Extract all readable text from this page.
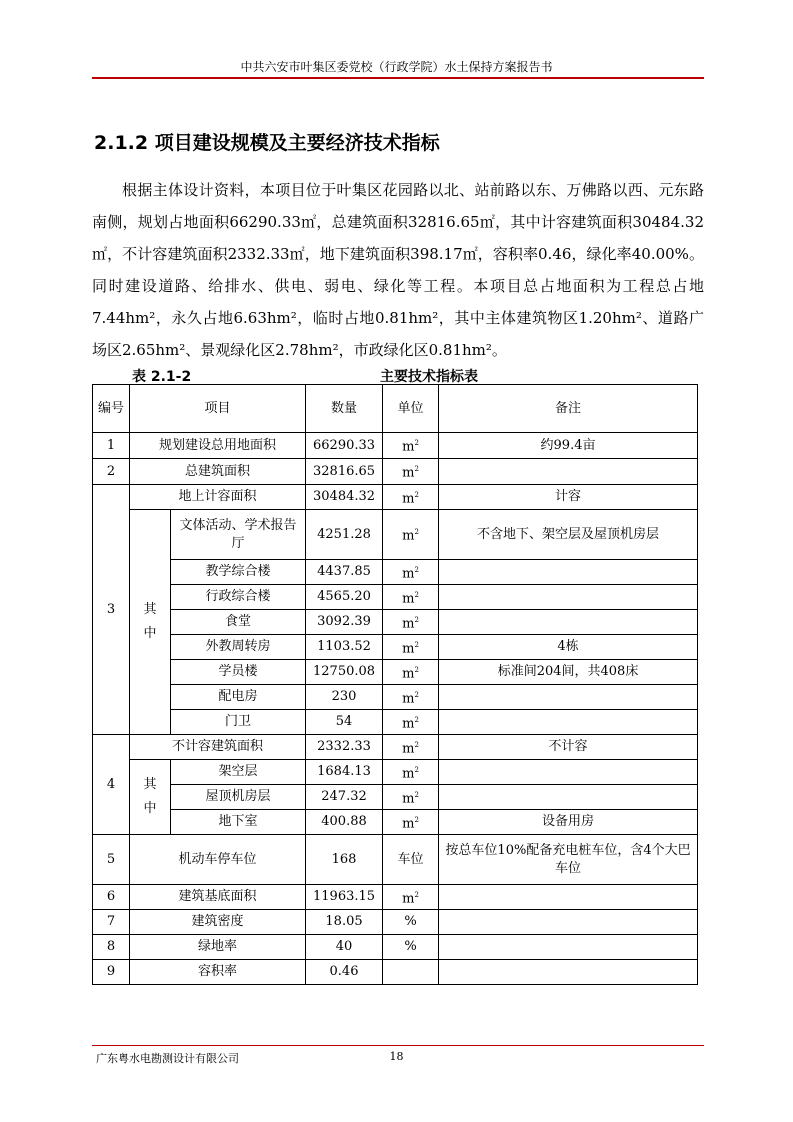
中共六安市叶集区委党校（行政学院）水土保持方案报告书
2.1.2 项目建设规模及主要经济技术指标
根据主体设计资料，本项目位于叶集区花园路以北、站前路以东、万佛路以西、元东路南侧，规划占地面积66290.33㎡，总建筑面积32816.65㎡，其中计容建筑面积30484.32㎡，不计容建筑面积2332.33㎡，地下建筑面积398.17㎡，容积率0.46，绿化率40.00%。同时建设道路、给排水、供电、弱电、绿化等工程。本项目总占地面积为工程总占地7.44hm²，永久占地6.63hm²，临时占地0.81hm²，其中主体建筑物区1.20hm²、道路广场区2.65hm²、景观绿化区2.78hm²，市政绿化区0.81hm²。
表 2.1-2	主要技术指标表
编号	项目		数量	单位	备注
1	规划建设总用地面积		66290.33	$m^2$	约99.4亩
2	总建筑面积		32816.65	$m^2$	
3	地上计容面积		30484.32	$m^2$	计容

	其中	文体活动、学术报告厅	4251.28	$m^2$	不含地下、架空层及屋顶机房层
		教学综合楼	4437.85	$m^2$	
		行政综合楼	4565.20	$m^2$	
		食堂	3092.39	$m^2$	
		外教周转房	1103.52	$m^2$	4栋
		学员楼	12750.08	$m^2$	标准间204间，共408床
		配电房	230	$m^2$	
		门卫	54	$m^2$	
4	不计容建筑面积		2332.33	$m^2$	不计容

	其中	架空层	1684.13	$m^2$	
		屋顶机房层	247.32	$m^2$	
		地下室	400.88	$m^2$	设备用房
5	机动车停车位		168	车位	按总车位10%配备充电桩车位，含4个大巴车位
6	建筑基底面积		11963.15	$m^2$	
7	建筑密度		18.05	%	
8	绿地率		40	%	
9	容积率		0.46		
广东粤水电勘测设计有限公司	18
